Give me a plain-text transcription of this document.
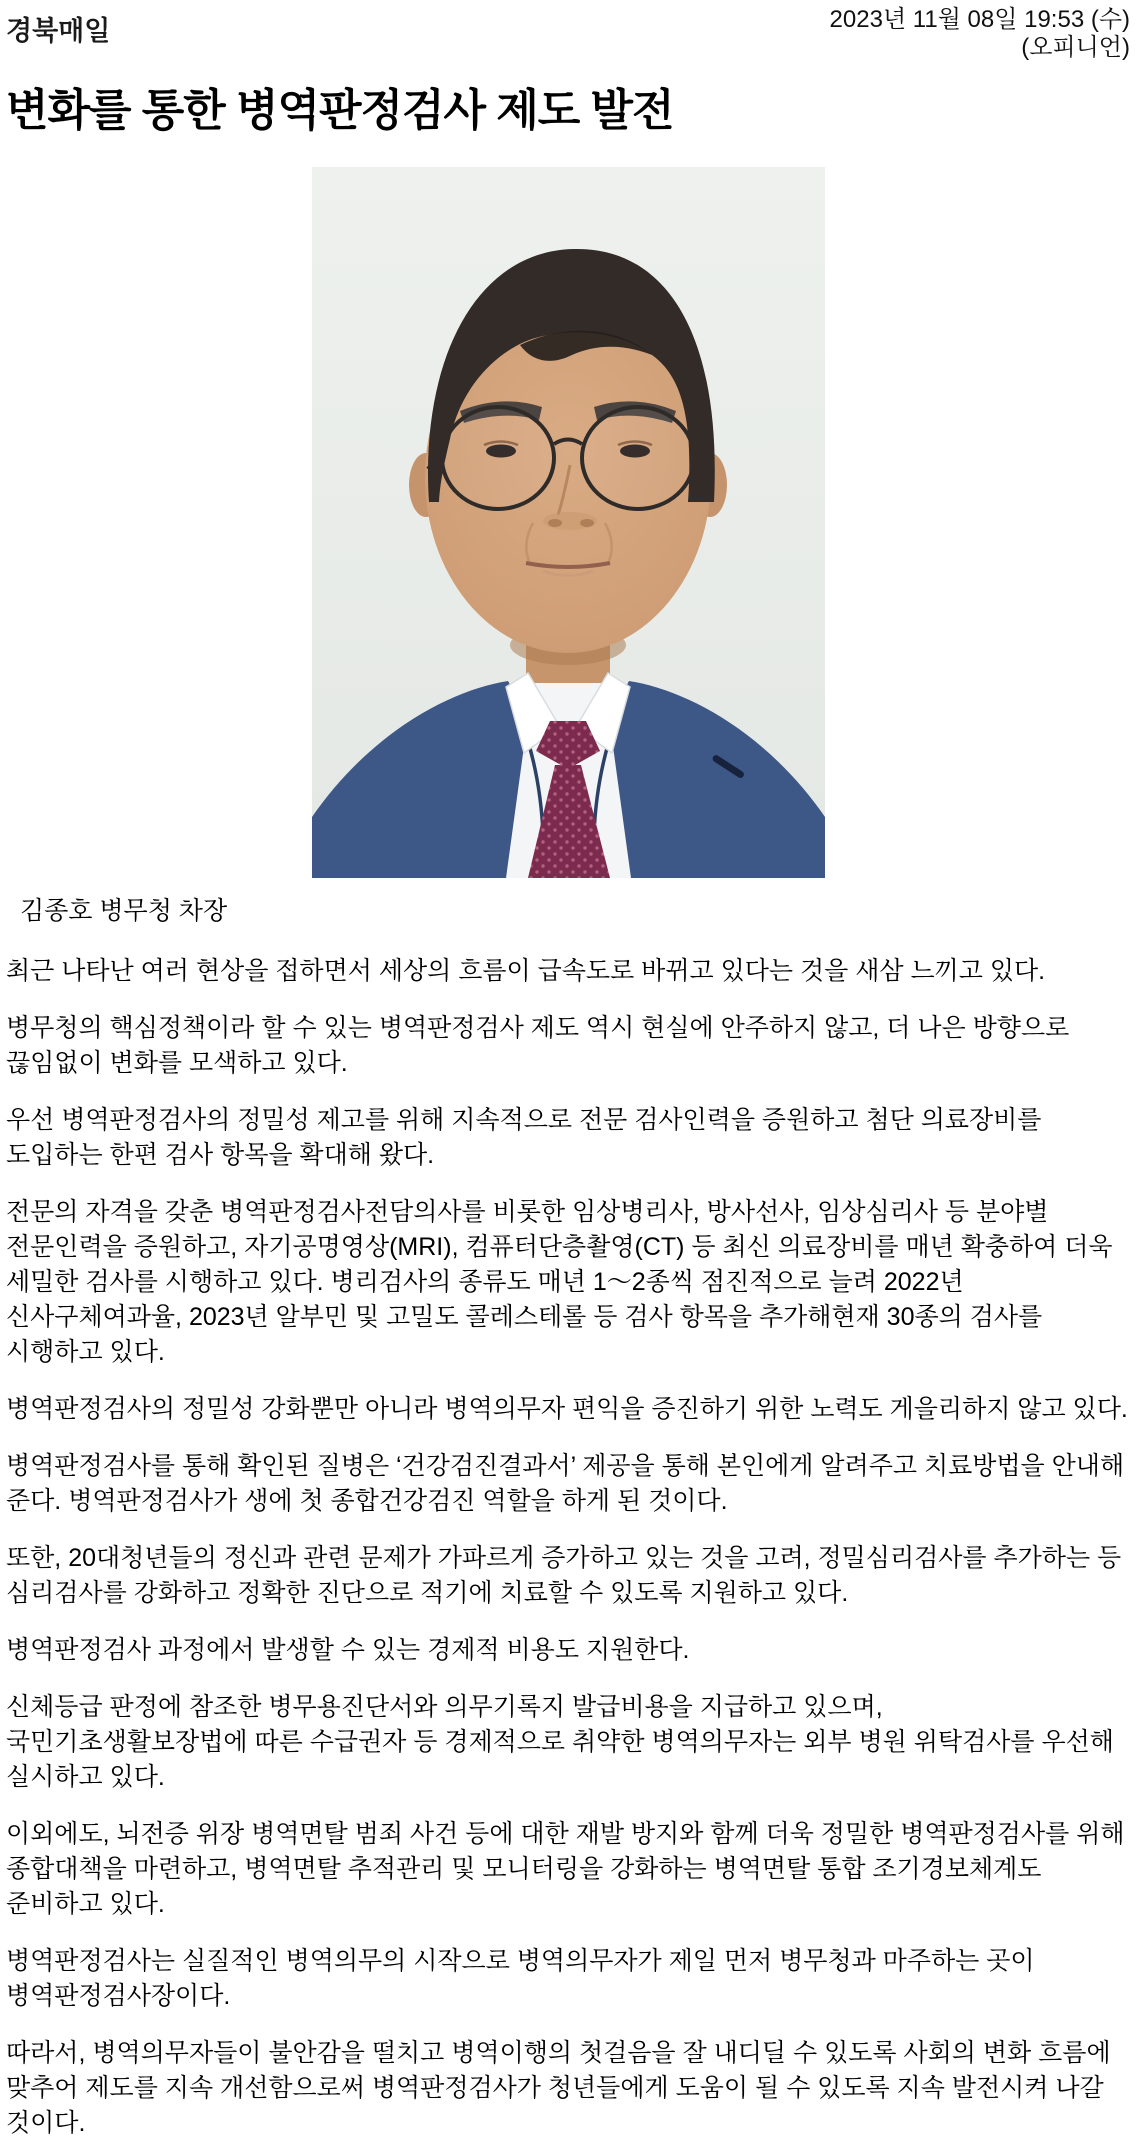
경북매일	2023년 11월 08일 19:53 (수)
(오피니언)
변화를 통한 병역판정검사 제도 발전
김종호 병무청 차장

최근 나타난 여러 현상을 접하면서 세상의 흐름이 급속도로 바뀌고 있다는 것을 새삼 느끼고 있다.

병무청의 핵심정책이라 할 수 있는 병역판정검사 제도 역시 현실에 안주하지 않고, 더 나은 방향으로 끊임없이 변화를 모색하고 있다.

우선 병역판정검사의 정밀성 제고를 위해 지속적으로 전문 검사인력을 증원하고 첨단 의료장비를 도입하는 한편 검사 항목을 확대해 왔다.

전문의 자격을 갖춘 병역판정검사전담의사를 비롯한 임상병리사, 방사선사, 임상심리사 등 분야별 전문인력을 증원하고, 자기공명영상(MRI), 컴퓨터단층촬영(CT) 등 최신 의료장비를 매년 확충하여 더욱 세밀한 검사를 시행하고 있다. 병리검사의 종류도 매년 1～2종씩 점진적으로 늘려 2022년 신사구체여과율, 2023년 알부민 및 고밀도 콜레스테롤 등 검사 항목을 추가해현재 30종의 검사를 시행하고 있다.

병역판정검사의 정밀성 강화뿐만 아니라 병역의무자 편익을 증진하기 위한 노력도 게을리하지 않고 있다.

병역판정검사를 통해 확인된 질병은 ‘건강검진결과서’ 제공을 통해 본인에게 알려주고 치료방법을 안내해 준다. 병역판정검사가 생에 첫 종합건강검진 역할을 하게 된 것이다.

또한, 20대청년들의 정신과 관련 문제가 가파르게 증가하고 있는 것을 고려, 정밀심리검사를 추가하는 등 심리검사를 강화하고 정확한 진단으로 적기에 치료할 수 있도록 지원하고 있다.

병역판정검사 과정에서 발생할 수 있는 경제적 비용도 지원한다.

신체등급 판정에 참조한 병무용진단서와 의무기록지 발급비용을 지급하고 있으며, 국민기초생활보장법에 따른 수급권자 등 경제적으로 취약한 병역의무자는 외부 병원 위탁검사를 우선해 실시하고 있다.

이외에도, 뇌전증 위장 병역면탈 범죄 사건 등에 대한 재발 방지와 함께 더욱 정밀한 병역판정검사를 위해 종합대책을 마련하고, 병역면탈 추적관리 및 모니터링을 강화하는 병역면탈 통합 조기경보체계도 준비하고 있다.

병역판정검사는 실질적인 병역의무의 시작으로 병역의무자가 제일 먼저 병무청과 마주하는 곳이 병역판정검사장이다.

따라서, 병역의무자들이 불안감을 떨치고 병역이행의 첫걸음을 잘 내디딜 수 있도록 사회의 변화 흐름에 맞추어 제도를 지속 개선함으로써 병역판정검사가 청년들에게 도움이 될 수 있도록 지속 발전시켜 나갈 것이다.
